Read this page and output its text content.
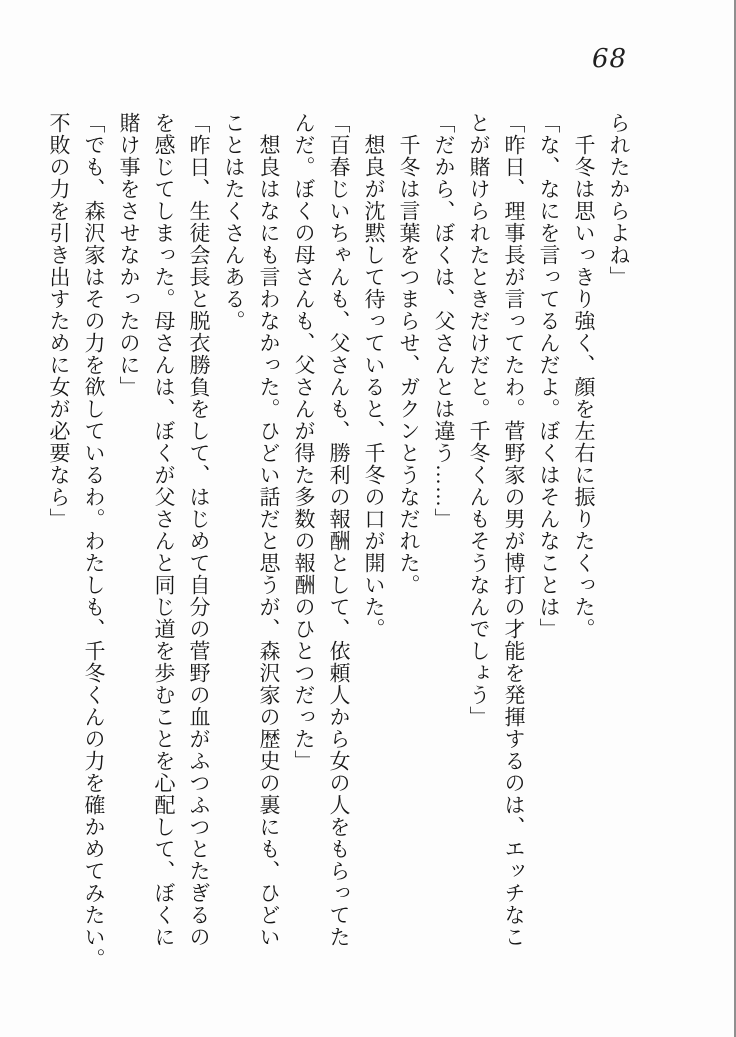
68
られたからよね」
　千冬は思いっきり強く、顔を左右に振りたくった。
「な、なにを言ってるんだよ。ぼくはそんなことは」
「昨日、理事長が言ってたわ。菅野家の男が博打の才能を発揮するのは、エッチなこ
とが賭けられたときだけだと。千冬くんもそうなんでしょう」
「だから、ぼくは、父さんとは違う……」
　千冬は言葉をつまらせ、ガクンとうなだれた。
　想良が沈黙して待っていると、千冬の口が開いた。
「百春じいちゃんも、父さんも、勝利の報酬として、依頼人から女の人をもらってた
んだ。ぼくの母さんも、父さんが得た多数の報酬のひとつだった」
　想良はなにも言わなかった。ひどい話だと思うが、森沢家の歴史の裏にも、ひどい
ことはたくさんある。
「昨日、生徒会長と脱衣勝負をして、はじめて自分の菅野の血がふつふつとたぎるの
を感じてしまった。母さんは、ぼくが父さんと同じ道を歩むことを心配して、ぼくに
賭け事をさせなかったのに」
「でも、森沢家はその力を欲しているわ。わたしも、千冬くんの力を確かめてみたい。
不敗の力を引き出すために女が必要なら」
